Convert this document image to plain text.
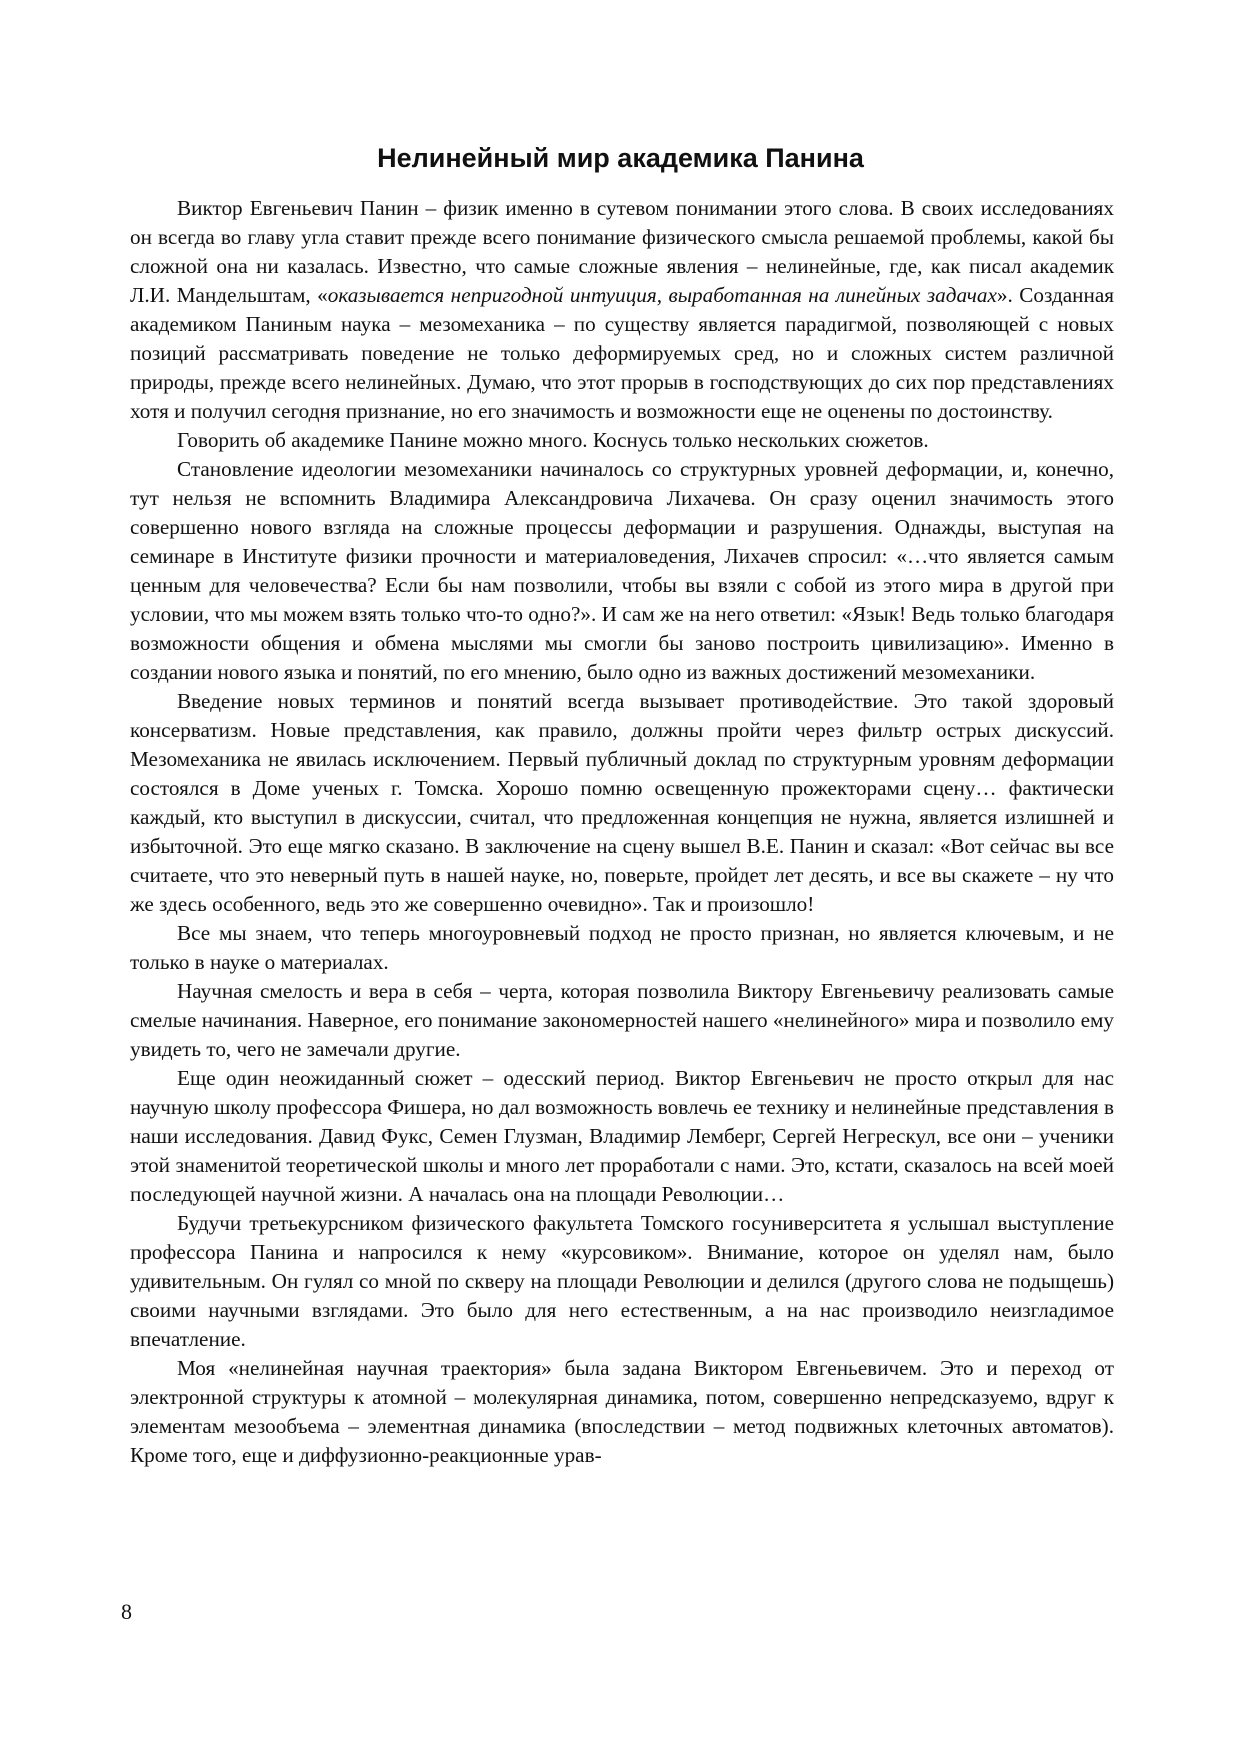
Нелинейный мир академика Панина

Виктор Евгеньевич Панин – физик именно в сутевом понимании этого слова. В своих исследованиях он всегда во главу угла ставит прежде всего понимание физического смысла решаемой проблемы, какой бы сложной она ни казалась. Известно, что самые сложные явления – нелинейные, где, как писал академик Л.И. Мандельштам, «оказывается непригодной интуиция, выработанная на линейных задачах». Созданная академиком Паниным наука – мезомеханика – по существу является парадигмой, позволяющей с новых позиций рассматривать поведение не только деформируемых сред, но и сложных систем различной природы, прежде всего нелинейных. Думаю, что этот прорыв в господствующих до сих пор представлениях хотя и получил сегодня признание, но его значимость и возможности еще не оценены по достоинству.

Говорить об академике Панине можно много. Коснусь только нескольких сюжетов.

Становление идеологии мезомеханики начиналось со структурных уровней деформации, и, конечно, тут нельзя не вспомнить Владимира Александровича Лихачева. Он сразу оценил значимость этого совершенно нового взгляда на сложные процессы деформации и разрушения. Однажды, выступая на семинаре в Институте физики прочности и материаловедения, Лихачев спросил: «…что является самым ценным для человечества? Если бы нам позволили, чтобы вы взяли с собой из этого мира в другой при условии, что мы можем взять только что-то одно?». И сам же на него ответил: «Язык! Ведь только благодаря возможности общения и обмена мыслями мы смогли бы заново построить цивилизацию». Именно в создании нового языка и понятий, по его мнению, было одно из важных достижений мезомеханики.

Введение новых терминов и понятий всегда вызывает противодействие. Это такой здоровый консерватизм. Новые представления, как правило, должны пройти через фильтр острых дискуссий. Мезомеханика не явилась исключением. Первый публичный доклад по структурным уровням деформации состоялся в Доме ученых г. Томска. Хорошо помню освещенную прожекторами сцену… фактически каждый, кто выступил в дискуссии, считал, что предложенная концепция не нужна, является излишней и избыточной. Это еще мягко сказано. В заключение на сцену вышел В.Е. Панин и сказал: «Вот сейчас вы все считаете, что это неверный путь в нашей науке, но, поверьте, пройдет лет десять, и все вы скажете – ну что же здесь особенного, ведь это же совершенно очевидно». Так и произошло!

Все мы знаем, что теперь многоуровневый подход не просто признан, но является ключевым, и не только в науке о материалах.

Научная смелость и вера в себя – черта, которая позволила Виктору Евгеньевичу реализовать самые смелые начинания. Наверное, его понимание закономерностей нашего «нелинейного» мира и позволило ему увидеть то, чего не замечали другие.

Еще один неожиданный сюжет – одесский период. Виктор Евгеньевич не просто открыл для нас научную школу профессора Фишера, но дал возможность вовлечь ее технику и нелинейные представления в наши исследования. Давид Фукс, Семен Глузман, Владимир Лемберг, Сергей Негрескул, все они – ученики этой знаменитой теоретической школы и много лет проработали с нами. Это, кстати, сказалось на всей моей последующей научной жизни. А началась она на площади Революции…

Будучи третьекурсником физического факультета Томского госуниверситета я услышал выступление профессора Панина и напросился к нему «курсовиком». Внимание, которое он уделял нам, было удивительным. Он гулял со мной по скверу на площади Революции и делился (другого слова не подыщешь) своими научными взглядами. Это было для него естественным, а на нас производило неизгладимое впечатление.

Моя «нелинейная научная траектория» была задана Виктором Евгеньевичем. Это и переход от электронной структуры к атомной – молекулярная динамика, потом, совершенно непредсказуемо, вдруг к элементам мезообъема – элементная динамика (впоследствии – метод подвижных клеточных автоматов). Кроме того, еще и диффузионно-реакционные урав-

8
